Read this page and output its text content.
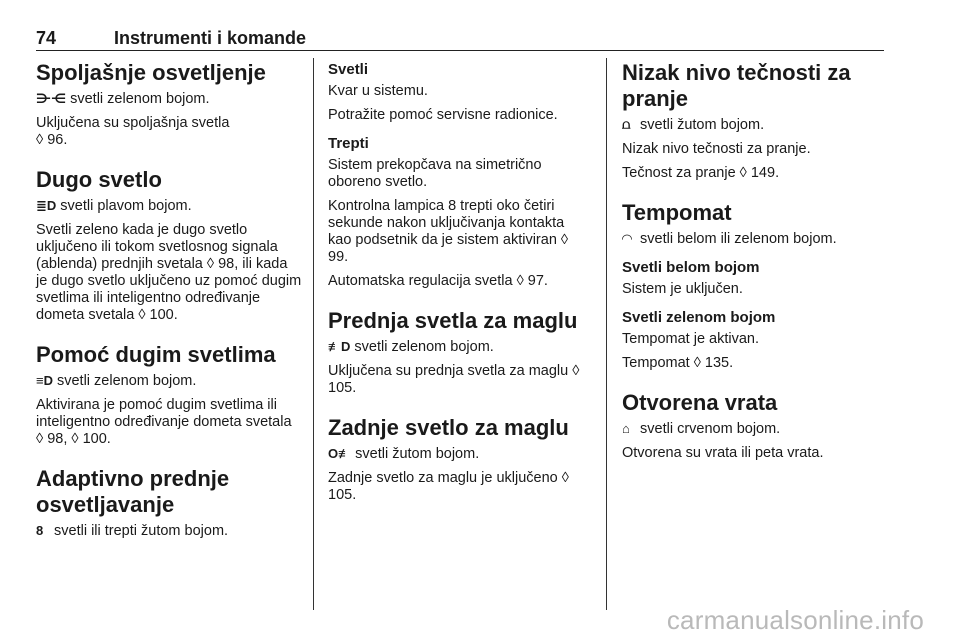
74	Instrumenti i komande
Spoljašnje osvetljenje

⋺⋲ svetli zelenom bojom.

Uključena su spoljašnja svetla
◊ 96.

Dugo svetlo

≣D svetli plavom bojom.

Svetli zeleno kada je dugo svetlo uključeno ili tokom svetlosnog signala (ablenda) prednjih svetala ◊ 98, ili kada je dugo svetlo uključeno uz pomoć dugim svetlima ili inteligentno određivanje dometa svetala ◊ 100.

Pomoć dugim svetlima

≡D svetli zelenom bojom.

Aktivirana je pomoć dugim svetlima ili inteligentno određivanje dometa svetala ◊ 98, ◊ 100.

Adaptivno prednje osvetljavanje

8 svetli ili trepti žutom bojom.

Svetli

Kvar u sistemu.

Potražite pomoć servisne radionice.

Trepti

Sistem prekopčava na simetrično oboreno svetlo.

Kontrolna lampica 8 trepti oko četiri sekunde nakon uključivanja kontakta kao podsetnik da je sistem aktiviran ◊ 99.

Automatska regulacija svetla ◊ 97.

Prednja svetla za maglu

≢D svetli zelenom bojom.

Uključena su prednja svetla za maglu ◊ 105.

Zadnje svetlo za maglu

O≢ svetli žutom bojom.

Zadnje svetlo za maglu je uključeno ◊ 105.

Nizak nivo tečnosti za pranje

⩍ svetli žutom bojom.

Nizak nivo tečnosti za pranje.

Tečnost za pranje ◊ 149.

Tempomat

◠ svetli belom ili zelenom bojom.

Svetli belom bojom

Sistem je uključen.

Svetli zelenom bojom

Tempomat je aktivan.

Tempomat ◊ 135.

Otvorena vrata

⌂ svetli crvenom bojom.

Otvorena su vrata ili peta vrata.

carmanualsonline.info
